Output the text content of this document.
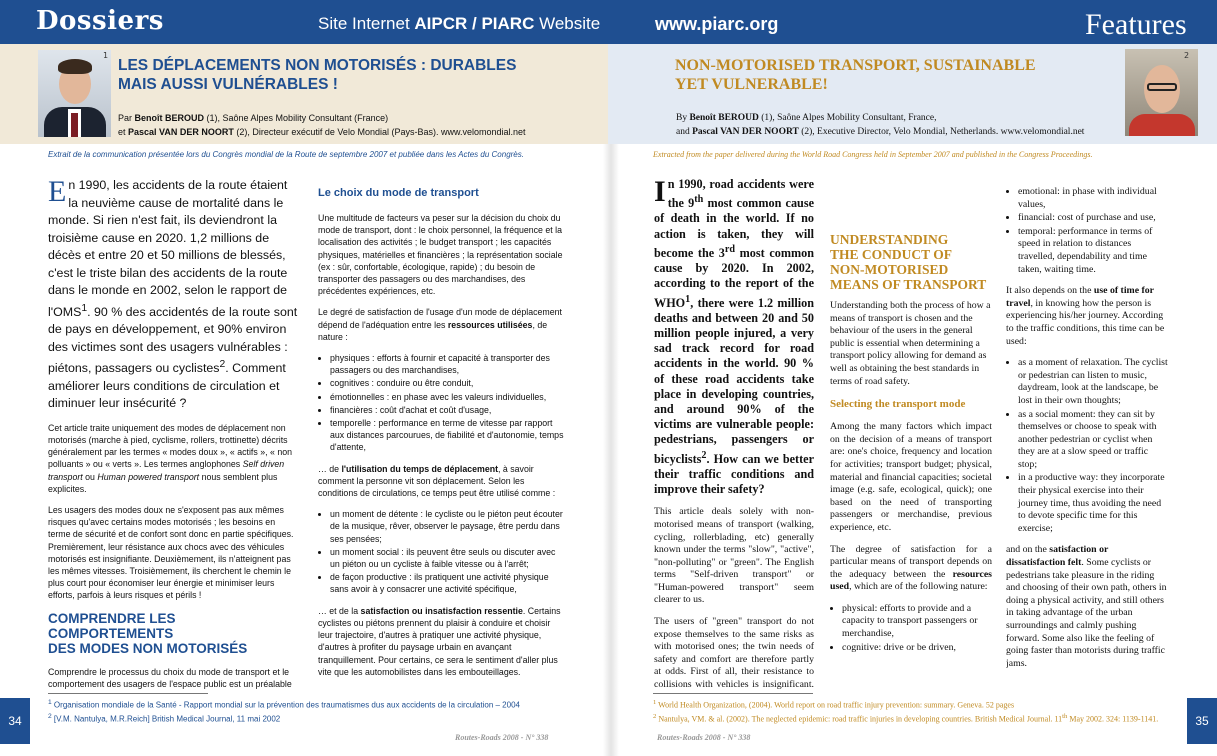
Dossiers	Site Internet AIPCR / PIARC Website	www.piarc.org	Features
1	2
LES DÉPLACEMENTS NON MOTORISÉS : DURABLES
MAIS AUSSI VULNÉRABLES !
NON-MOTORISED TRANSPORT, SUSTAINABLE
YET VULNERABLE!
Par Benoît BEROUD (1), Saône Alpes Mobility Consultant (France)
et Pascal VAN DER NOORT (2), Directeur exécutif de Velo Mondial (Pays-Bas). www.velomondial.net
By Benoît BEROUD (1), Saône Alpes Mobility Consultant, France,
and Pascal VAN DER NOORT (2), Executive Director, Velo Mondial, Netherlands. www.velomondial.net
Extrait de la communication présentée lors du Congrès mondial de la Route de septembre 2007 et publiée dans les Actes du Congrès.	Extracted from the paper delivered during the World Road Congress held in September 2007 and published in the Congress Proceedings.

En 1990, les accidents de la route étaient la neuvième cause de mortalité dans le monde. Si rien n'est fait, ils deviendront la troisième cause en 2020. 1,2 millions de décès et entre 20 et 50 millions de blessés, c'est le triste bilan des accidents de la route dans le monde en 2002, selon le rapport de l'OMS$^1$. 90 % des accidentés de la route sont de pays en développement, et 90% environ des victimes sont des usagers vulnérables : piétons, passagers ou cyclistes$^2$. Comment améliorer leurs conditions de circulation et diminuer leur insécurité ?

Cet article traite uniquement des modes de déplacement non motorisés (marche à pied, cyclisme, rollers, trottinette) décrits généralement par les termes « modes doux », « actifs », « non polluants » ou « verts ». Les termes anglophones Self driven transport ou Human powered transport nous semblent plus explicites.

Les usagers des modes doux ne s'exposent pas aux mêmes risques qu'avec certains modes motorisés ; les besoins en terme de sécurité et de confort sont donc en partie spécifiques. Premièrement, leur résistance aux chocs avec des véhicules motorisés est insignifiante. Deuxièmement, ils n'atteignent pas les mêmes vitesses. Troisièmement, ils cherchent le chemin le plus court pour économiser leur énergie et minimiser leurs efforts, parfois à leurs risques et périls !

COMPRENDRE LES COMPORTEMENTS
DES MODES NON MOTORISÉS

Comprendre le processus du choix du mode de transport et le comportement des usagers de l'espace public est un préalable

Le choix du mode de transport

Une multitude de facteurs va peser sur la décision du choix du mode de transport, dont : le choix personnel, la fréquence et la localisation des activités ; le budget transport ; les capacités physiques, matérielles et financières ; la représentation sociale (ex : sûr, confortable, écologique, rapide) ; du besoin de transporter des passagers ou des marchandises, des précédentes expériences, etc.

Le degré de satisfaction de l'usage d'un mode de déplacement dépend de l'adéquation entre les ressources utilisées, de nature :

• physiques : efforts à fournir et capacité à transporter des passagers ou des marchandises,
• cognitives : conduire ou être conduit,
• émotionnelles : en phase avec les valeurs individuelles,
• financières : coût d'achat et coût d'usage,
• temporelle : performance en terme de vitesse par rapport aux distances parcourues, de fiabilité et d'autonomie, temps d'attente,

… de l'utilisation du temps de déplacement, à savoir comment la personne vit son déplacement. Selon les conditions de circulations, ce temps peut être utilisé comme :

• un moment de détente : le cycliste ou le piéton peut écouter de la musique, rêver, observer le paysage, être perdu dans ses pensées;
• un moment social : ils peuvent être seuls ou discuter avec un piéton ou un cycliste à faible vitesse ou à l'arrêt;
• de façon productive : ils pratiquent une activité physique sans avoir à y consacrer une activité spécifique,

… et de la satisfaction ou insatisfaction ressentie. Certains cyclistes ou piétons prennent du plaisir à conduire et choisir leur trajectoire, d'autres à pratiquer une activité physique, d'autres à profiter du paysage urbain en avançant tranquillement. Pour certains, ce sera le sentiment d'aller plus vite que les automobilistes dans les embouteillages.

In 1990, road accidents were the 9th most common cause of death in the world. If no action is taken, they will become the 3rd most common cause by 2020. In 2002, according to the report of the WHO$^1$, there were 1.2 million deaths and between 20 and 50 million people injured, a very sad track record for road accidents in the world. 90 % of these road accidents take place in developing countries, and around 90% of the victims are vulnerable people: pedestrians, passengers or bicyclists$^2$. How can we better their traffic conditions and improve their safety?

This article deals solely with non-motorised means of transport (walking, cycling, rollerblading, etc) generally known under the terms "slow", "active", "non-polluting" or "green". The English terms "Self-driven transport" or "Human-powered transport" seem clearer to us.

The users of "green" transport do not expose themselves to the same risks as with motorised ones; the twin needs of safety and comfort are therefore partly at odds. First of all, their resistance to collisions with vehicles is insignificant.

UNDERSTANDING
THE CONDUCT OF
NON-MOTORISED
MEANS OF TRANSPORT

Understanding both the process of how a means of transport is chosen and the behaviour of the users in the general public is essential when determining a transport policy allowing for demand as well as obtaining the best standards in terms of road safety.

Selecting the transport mode

Among the many factors which impact on the decision of a means of transport are: one's choice, frequency and location for activities; transport budget; physical, material and financial capacities; societal image (e.g. safe, ecological, quick); one based on the need of transporting passengers or merchandise, previous experience, etc.

The degree of satisfaction for a particular means of transport depends on the adequacy between the resources used, which are of the following nature:

• physical: efforts to provide and a capacity to transport passengers or merchandise,
• cognitive: drive or be driven,
• emotional: in phase with individual values,
• financial: cost of purchase and use,
• temporal: performance in terms of speed in relation to distances travelled, dependability and time taken, waiting time.

It also depends on the use of time for travel, in knowing how the person is experiencing his/her journey. According to the traffic conditions, this time can be used:

• as a moment of relaxation. The cyclist or pedestrian can listen to music, daydream, look at the landscape, be lost in their own thoughts;
• as a social moment: they can sit by themselves or choose to speak with another pedestrian or cyclist when they are at a slow speed or traffic stop;
• in a productive way: they incorporate their physical exercise into their journey time, thus avoiding the need to devote specific time for this exercise;

and on the satisfaction or dissatisfaction felt. Some cyclists or pedestrians take pleasure in the riding and choosing of their own path, others in doing a physical activity, and still others in taking advantage of the urban surroundings and calmly pushing forward. Some also like the feeling of going faster than motorists during traffic jams.

$^1$ Organisation mondiale de la Santé - Rapport mondial sur la prévention des traumatismes dus aux accidents de la circulation – 2004
$^2$ [V.M. Nantulya, M.R.Reich] British Medical Journal, 11 mai 2002
$^1$ World Health Organization, (2004). World report on road traffic injury prevention: summary. Geneva. 52 pages
$^2$ Nantulya, VM. & al. (2002). The neglected epidemic: road traffic injuries in developing countries. British Medical Journal. 11th May 2002. 324: 1139-1141.
Routes-Roads 2008 - N° 338	Routes-Roads 2008 - N° 338
34	35
